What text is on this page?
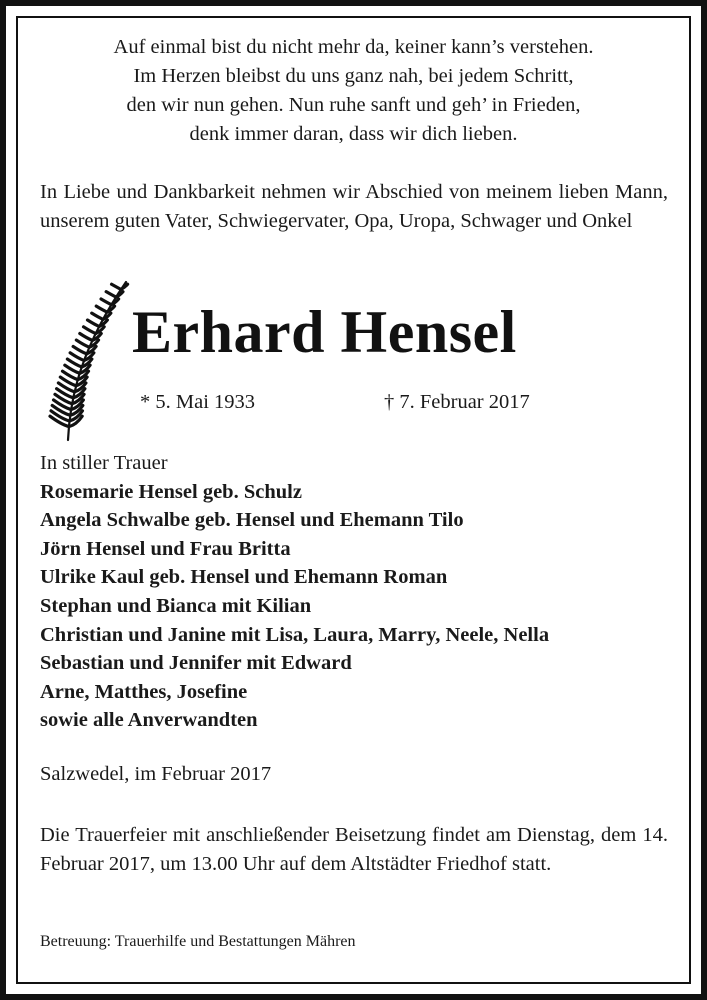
Auf einmal bist du nicht mehr da, keiner kann’s verstehen.
Im Herzen bleibst du uns ganz nah, bei jedem Schritt,
den wir nun gehen. Nun ruhe sanft und geh’ in Frieden,
denk immer daran, dass wir dich lieben.
In Liebe und Dankbarkeit nehmen wir Abschied von meinem lieben Mann, unserem guten Vater, Schwiegervater, Opa, Uropa, Schwager und Onkel
Erhard Hensel
* 5. Mai 1933	† 7. Februar 2017
In stiller Trauer
Rosemarie Hensel geb. Schulz
Angela Schwalbe geb. Hensel und Ehemann Tilo
Jörn Hensel und Frau Britta
Ulrike Kaul geb. Hensel und Ehemann Roman
Stephan und Bianca mit Kilian
Christian und Janine mit Lisa, Laura, Marry, Neele, Nella
Sebastian und Jennifer mit Edward
Arne, Matthes, Josefine
sowie alle Anverwandten
Salzwedel, im Februar 2017
Die Trauerfeier mit anschließender Beisetzung findet am Dienstag, dem 14. Februar 2017, um 13.00 Uhr auf dem Altstädter Friedhof statt.
Betreuung: Trauerhilfe und Bestattungen Mähren
